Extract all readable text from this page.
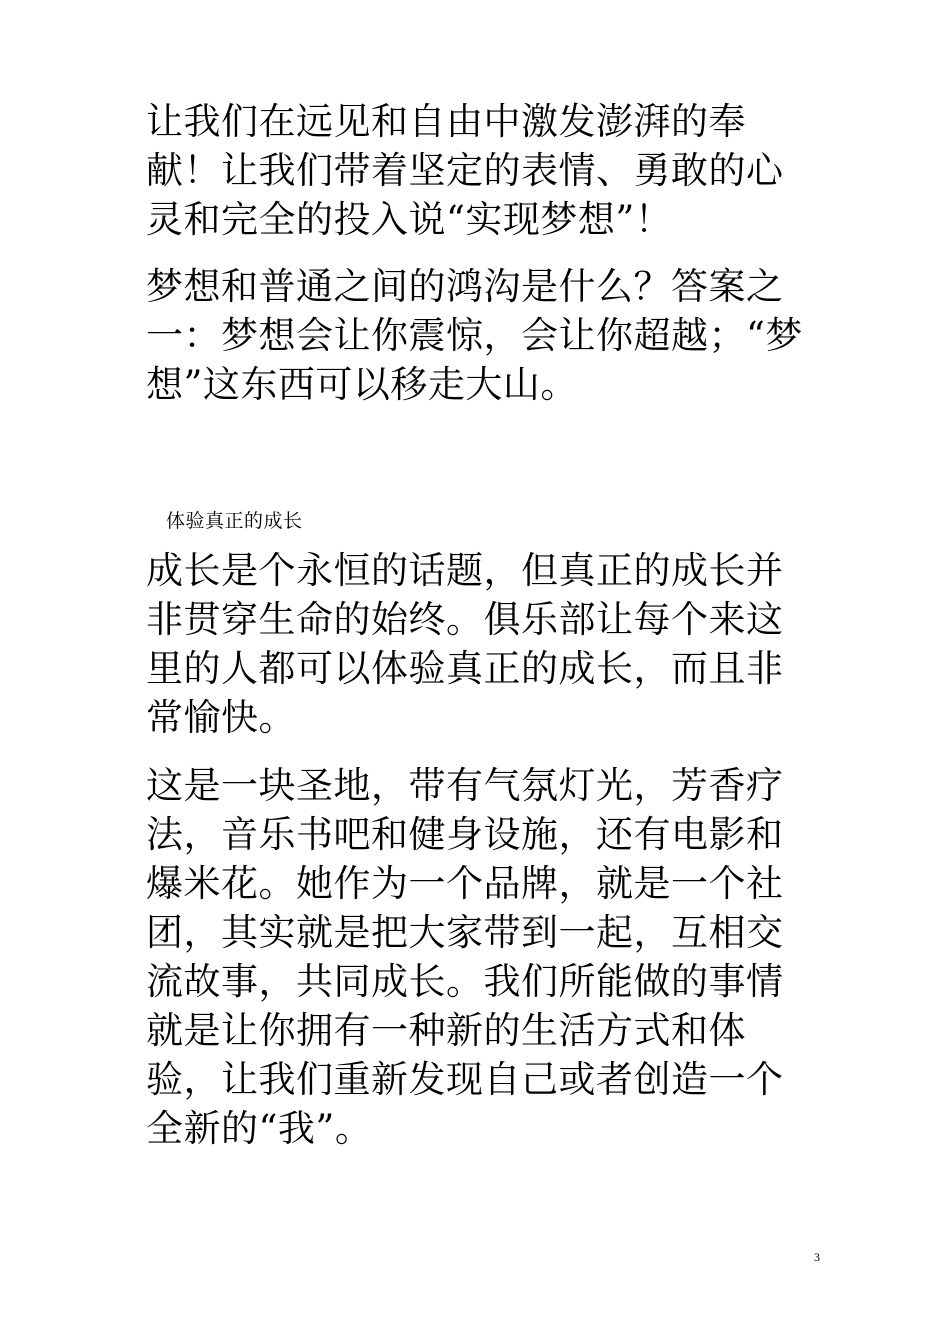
让我们在远见和自由中激发澎湃的奉献！让我们带着坚定的表情、勇敢的心灵和完全的投入说“实现梦想”！

梦想和普通之间的鸿沟是什么？答案之一：梦想会让你震惊，会让你超越；“梦想”这东西可以移走大山。

体验真正的成长

成长是个永恒的话题，但真正的成长并非贯穿生命的始终。俱乐部让每个来这里的人都可以体验真正的成长，而且非常愉快。

这是一块圣地，带有气氛灯光，芳香疗法，音乐书吧和健身设施，还有电影和爆米花。她作为一个品牌，就是一个社团，其实就是把大家带到一起，互相交流故事，共同成长。我们所能做的事情就是让你拥有一种新的生活方式和体验，让我们重新发现自己或者创造一个全新的“我”。

3
